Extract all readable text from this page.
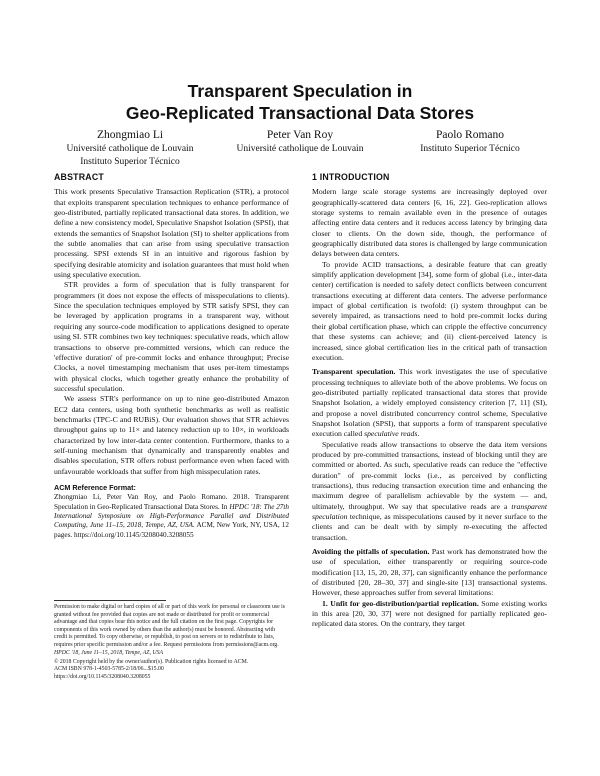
Transparent Speculation in
Geo-Replicated Transactional Data Stores
Zhongmiao Li
Université catholique de Louvain
Instituto Superior Técnico
Peter Van Roy
Université catholique de Louvain
Paolo Romano
Instituto Superior Técnico
ABSTRACT

This work presents Speculative Transaction Replication (STR), a protocol that exploits transparent speculation techniques to enhance performance of geo-distributed, partially replicated transactional data stores. In addition, we define a new consistency model, Speculative Snapshot Isolation (SPSI), that extends the semantics of Snapshot Isolation (SI) to shelter applications from the subtle anomalies that can arise from using speculative transaction processing. SPSI extends SI in an intuitive and rigorous fashion by specifying desirable atomicity and isolation guarantees that must hold when using speculative execution.

STR provides a form of speculation that is fully transparent for programmers (it does not expose the effects of misspeculations to clients). Since the speculation techniques employed by STR satisfy SPSI, they can be leveraged by application programs in a transparent way, without requiring any source-code modification to applications designed to operate using SI. STR combines two key techniques: speculative reads, which allow transactions to observe pre-committed versions, which can reduce the 'effective duration' of pre-commit locks and enhance throughput; Precise Clocks, a novel timestamping mechanism that uses per-item timestamps with physical clocks, which together greatly enhance the probability of successful speculation.

We assess STR's performance on up to nine geo-distributed Amazon EC2 data centers, using both synthetic benchmarks as well as realistic benchmarks (TPC-C and RUBiS). Our evaluation shows that STR achieves throughput gains up to 11× and latency reduction up to 10×, in workloads characterized by low inter-data center contention. Furthermore, thanks to a self-tuning mechanism that dynamically and transparently enables and disables speculation, STR offers robust performance even when faced with unfavourable workloads that suffer from high misspeculation rates.

ACM Reference Format:
Zhongmiao Li, Peter Van Roy, and Paolo Romano. 2018. Transparent Speculation in Geo-Replicated Transactional Data Stores. In HPDC '18: The 27th International Symposium on High-Performance Parallel and Distributed Computing, June 11–15, 2018, Tempe, AZ, USA. ACM, New York, NY, USA, 12 pages. https://doi.org/10.1145/3208040.3208055

Permission to make digital or hard copies of all or part of this work for personal or classroom use is granted without fee provided that copies are not made or distributed for profit or commercial advantage and that copies bear this notice and the full citation on the first page. Copyrights for components of this work owned by others than the author(s) must be honored. Abstracting with credit is permitted. To copy otherwise, or republish, to post on servers or to redistribute to lists, requires prior specific permission and/or a fee. Request permissions from permissions@acm.org.

HPDC '18, June 11–15, 2018, Tempe, AZ, USA

© 2018 Copyright held by the owner/author(s). Publication rights licensed to ACM.

ACM ISBN 978-1-4503-5785-2/18/06...$15.00

https://doi.org/10.1145/3208040.3208055

1 INTRODUCTION

Modern large scale storage systems are increasingly deployed over geographically-scattered data centers [6, 16, 22]. Geo-replication allows storage systems to remain available even in the presence of outages affecting entire data centers and it reduces access latency by bringing data closer to clients. On the down side, though, the performance of geographically distributed data stores is challenged by large communication delays between data centers.

To provide ACID transactions, a desirable feature that can greatly simplify application development [34], some form of global (i.e., inter-data center) certification is needed to safely detect conflicts between concurrent transactions executing at different data centers. The adverse performance impact of global certification is twofold: (i) system throughput can be severely impaired, as transactions need to hold pre-commit locks during their global certification phase, which can cripple the effective concurrency that these systems can achieve; and (ii) client-perceived latency is increased, since global certification lies in the critical path of transaction execution.

Transparent speculation. This work investigates the use of speculative processing techniques to alleviate both of the above problems. We focus on geo-distributed partially replicated transactional data stores that provide Snapshot Isolation, a widely employed consistency criterion [7, 11] (SI), and propose a novel distributed concurrency control scheme, Speculative Snapshot Isolation (SPSI), that supports a form of transparent speculative execution called speculative reads.

Speculative reads allow transactions to observe the data item versions produced by pre-committed transactions, instead of blocking until they are committed or aborted. As such, speculative reads can reduce the "effective duration" of pre-commit locks (i.e., as perceived by conflicting transactions), thus reducing transaction execution time and enhancing the maximum degree of parallelism achievable by the system — and, ultimately, throughput. We say that speculative reads are a transparent speculation technique, as misspeculations caused by it never surface to the clients and can be dealt with by simply re-executing the affected transaction.

Avoiding the pitfalls of speculation. Past work has demonstrated how the use of speculation, either transparently or requiring source-code modification [13, 15, 20, 28, 37], can significantly enhance the performance of distributed [20, 28–30, 37] and single-site [13] transactional systems. However, these approaches suffer from several limitations:

1. Unfit for geo-distribution/partial replication. Some existing works in this area [20, 30, 37] were not designed for partially replicated geo-replicated data stores. On the contrary, they target
